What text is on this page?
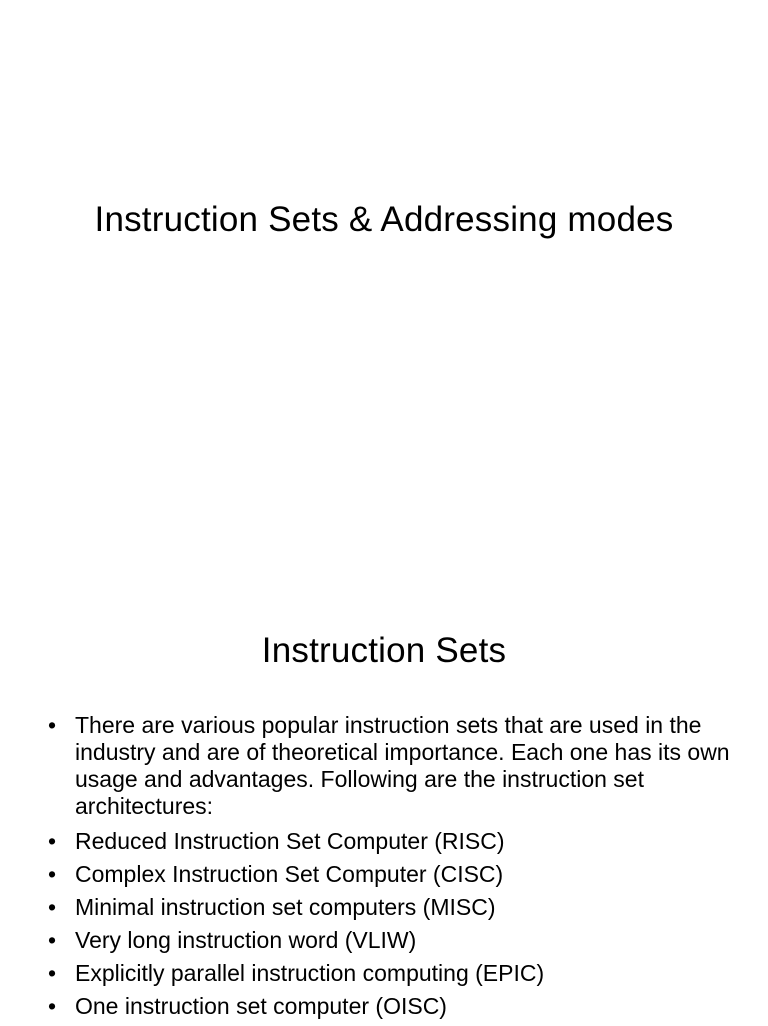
Instruction Sets & Addressing modes
Instruction Sets
• There are various popular instruction sets that are used in the industry and are of theoretical importance. Each one has its own usage and advantages. Following are the instruction set architectures:
• Reduced Instruction Set Computer (RISC)
• Complex Instruction Set Computer (CISC)
• Minimal instruction set computers (MISC)
• Very long instruction word (VLIW)
• Explicitly parallel instruction computing (EPIC)
• One instruction set computer (OISC)
